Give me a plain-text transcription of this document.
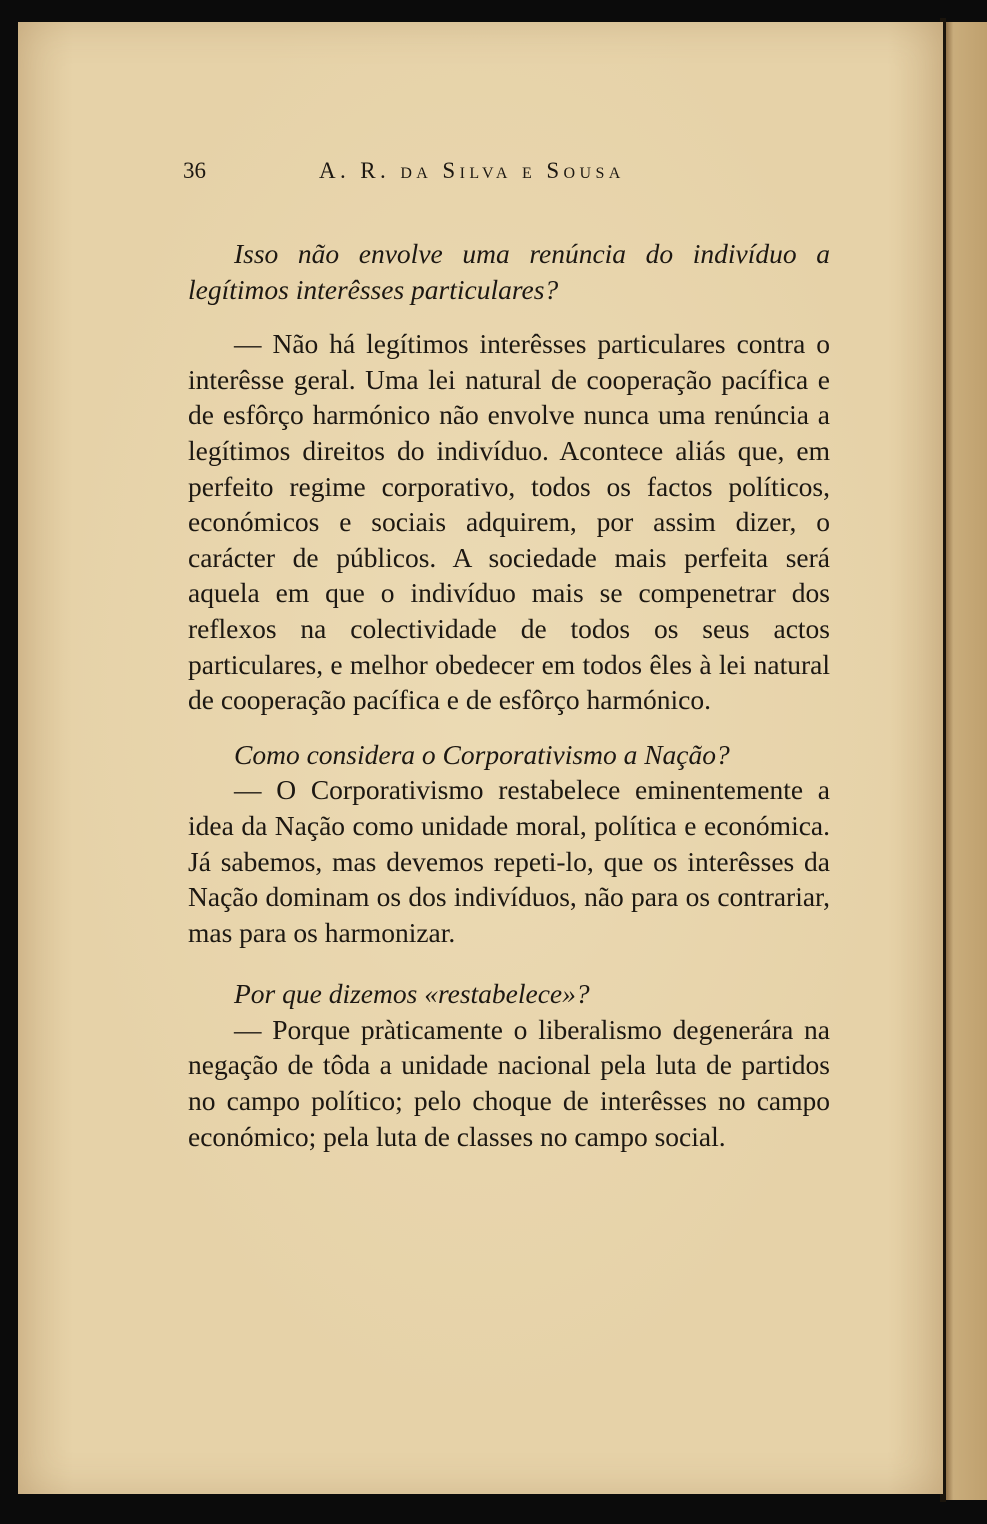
36	A. R. da Silva e Sousa

Isso não envolve uma renúncia do indivíduo a legítimos interêsses particulares?

— Não há legítimos interêsses particulares contra o interêsse geral. Uma lei natural de cooperação pacífica e de esfôrço harmónico não envolve nunca uma renúncia a legítimos direitos do indivíduo. Acontece aliás que, em perfeito regime corporativo, todos os factos políticos, económicos e sociais adquirem, por assim dizer, o carácter de públicos. A sociedade mais perfeita será aquela em que o indivíduo mais se compenetrar dos reflexos na colectividade de todos os seus actos particulares, e melhor obedecer em todos êles à lei natural de cooperação pacífica e de esfôrço harmónico.

Como considera o Corporativismo a Nação?

— O Corporativismo restabelece eminentemente a idea da Nação como unidade moral, política e económica. Já sabemos, mas devemos repeti-lo, que os interêsses da Nação dominam os dos indivíduos, não para os contrariar, mas para os harmonizar.

Por que dizemos «restabelece»?

— Porque pràticamente o liberalismo degenerára na negação de tôda a unidade nacional pela luta de partidos no campo político; pelo choque de interêsses no campo económico; pela luta de classes no campo social.
